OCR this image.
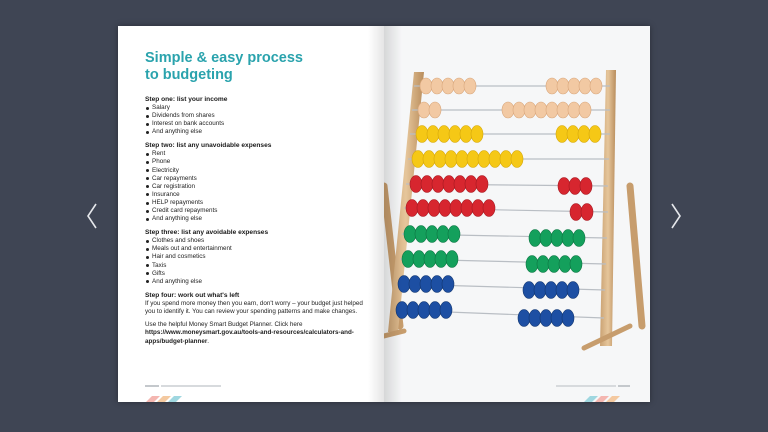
Simple & easy process
to budgeting
Step one: list your income
Salary
Dividends from shares
Interest on bank accounts
And anything else
Step two: list any unavoidable expenses
Rent
Phone
Electricity
Car repayments
Car registration
Insurance
HELP repayments
Credit card repayments
And anything else
Step three: list any avoidable expenses
Clothes and shoes
Meals out and entertainment
Hair and cosmetics
Taxis
Gifts
And anything else
Step four: work out what's left

If you spend more money then you earn, don't worry – your budget just helped you to identify it. You can review your spending patterns and make changes.

Use the helpful Money Smart Budget Planner. Click here https://www.moneysmart.gov.au/tools-and-resources/calculators-and-apps/budget-planner.
